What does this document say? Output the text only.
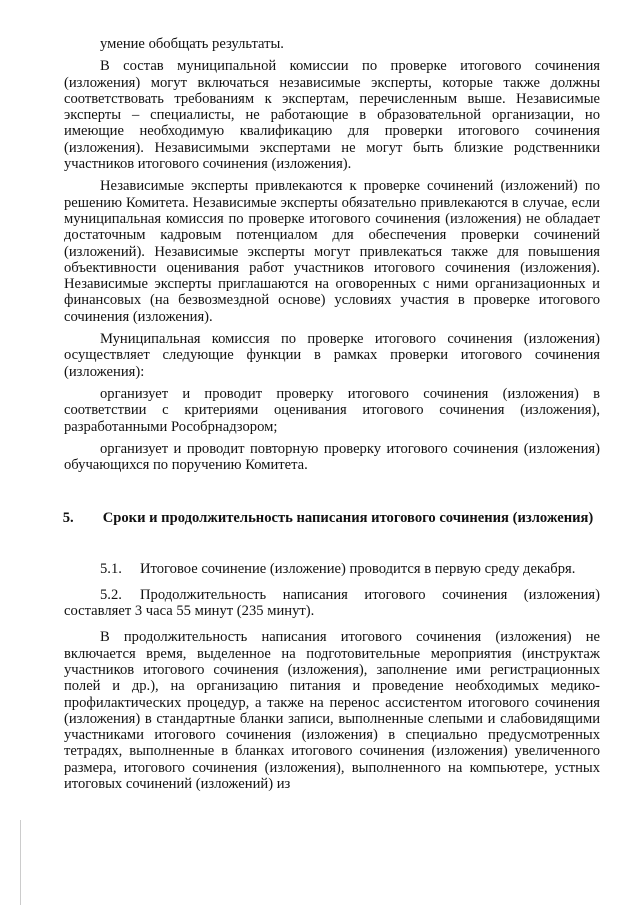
умение обобщать результаты.

В состав муниципальной комиссии по проверке итогового сочинения (изложения) могут включаться независимые эксперты, которые также должны соответствовать требованиям к экспертам, перечисленным выше. Независимые эксперты – специалисты, не работающие в образовательной организации, но имеющие необходимую квалификацию для проверки итогового сочинения (изложения). Независимыми экспертами не могут быть близкие родственники участников итогового сочинения (изложения).

Независимые эксперты привлекаются к проверке сочинений (изложений) по решению Комитета. Независимые эксперты обязательно привлекаются в случае, если муниципальная комиссия по проверке итогового сочинения (изложения) не обладает достаточным кадровым потенциалом для обеспечения проверки сочинений (изложений). Независимые эксперты могут привлекаться также для повышения объективности оценивания работ участников итогового сочинения (изложения). Независимые эксперты приглашаются на оговоренных с ними организационных и финансовых (на безвозмездной основе) условиях участия в проверке итогового сочинения (изложения).

Муниципальная комиссия по проверке итогового сочинения (изложения) осуществляет следующие функции в рамках проверки итогового сочинения (изложения):

организует и проводит проверку итогового сочинения (изложения) в соответствии с критериями оценивания итогового сочинения (изложения), разработанными Рособрнадзором;

организует и проводит повторную проверку итогового сочинения (изложения) обучающихся по поручению Комитета.

5. Сроки и продолжительность написания итогового сочинения (изложения)

5.1. Итоговое сочинение (изложение) проводится в первую среду декабря.

5.2. Продолжительность написания итогового сочинения (изложения) составляет 3 часа 55 минут (235 минут).

В продолжительность написания итогового сочинения (изложения) не включается время, выделенное на подготовительные мероприятия (инструктаж участников итогового сочинения (изложения), заполнение ими регистрационных полей и др.), на организацию питания и проведение необходимых медико-профилактических процедур, а также на перенос ассистентом итогового сочинения (изложения) в стандартные бланки записи, выполненные слепыми и слабовидящими участниками итогового сочинения (изложения) в специально предусмотренных тетрадях, выполненные в бланках итогового сочинения (изложения) увеличенного размера, итогового сочинения (изложения), выполненного на компьютере, устных итоговых сочинений (изложений) из
